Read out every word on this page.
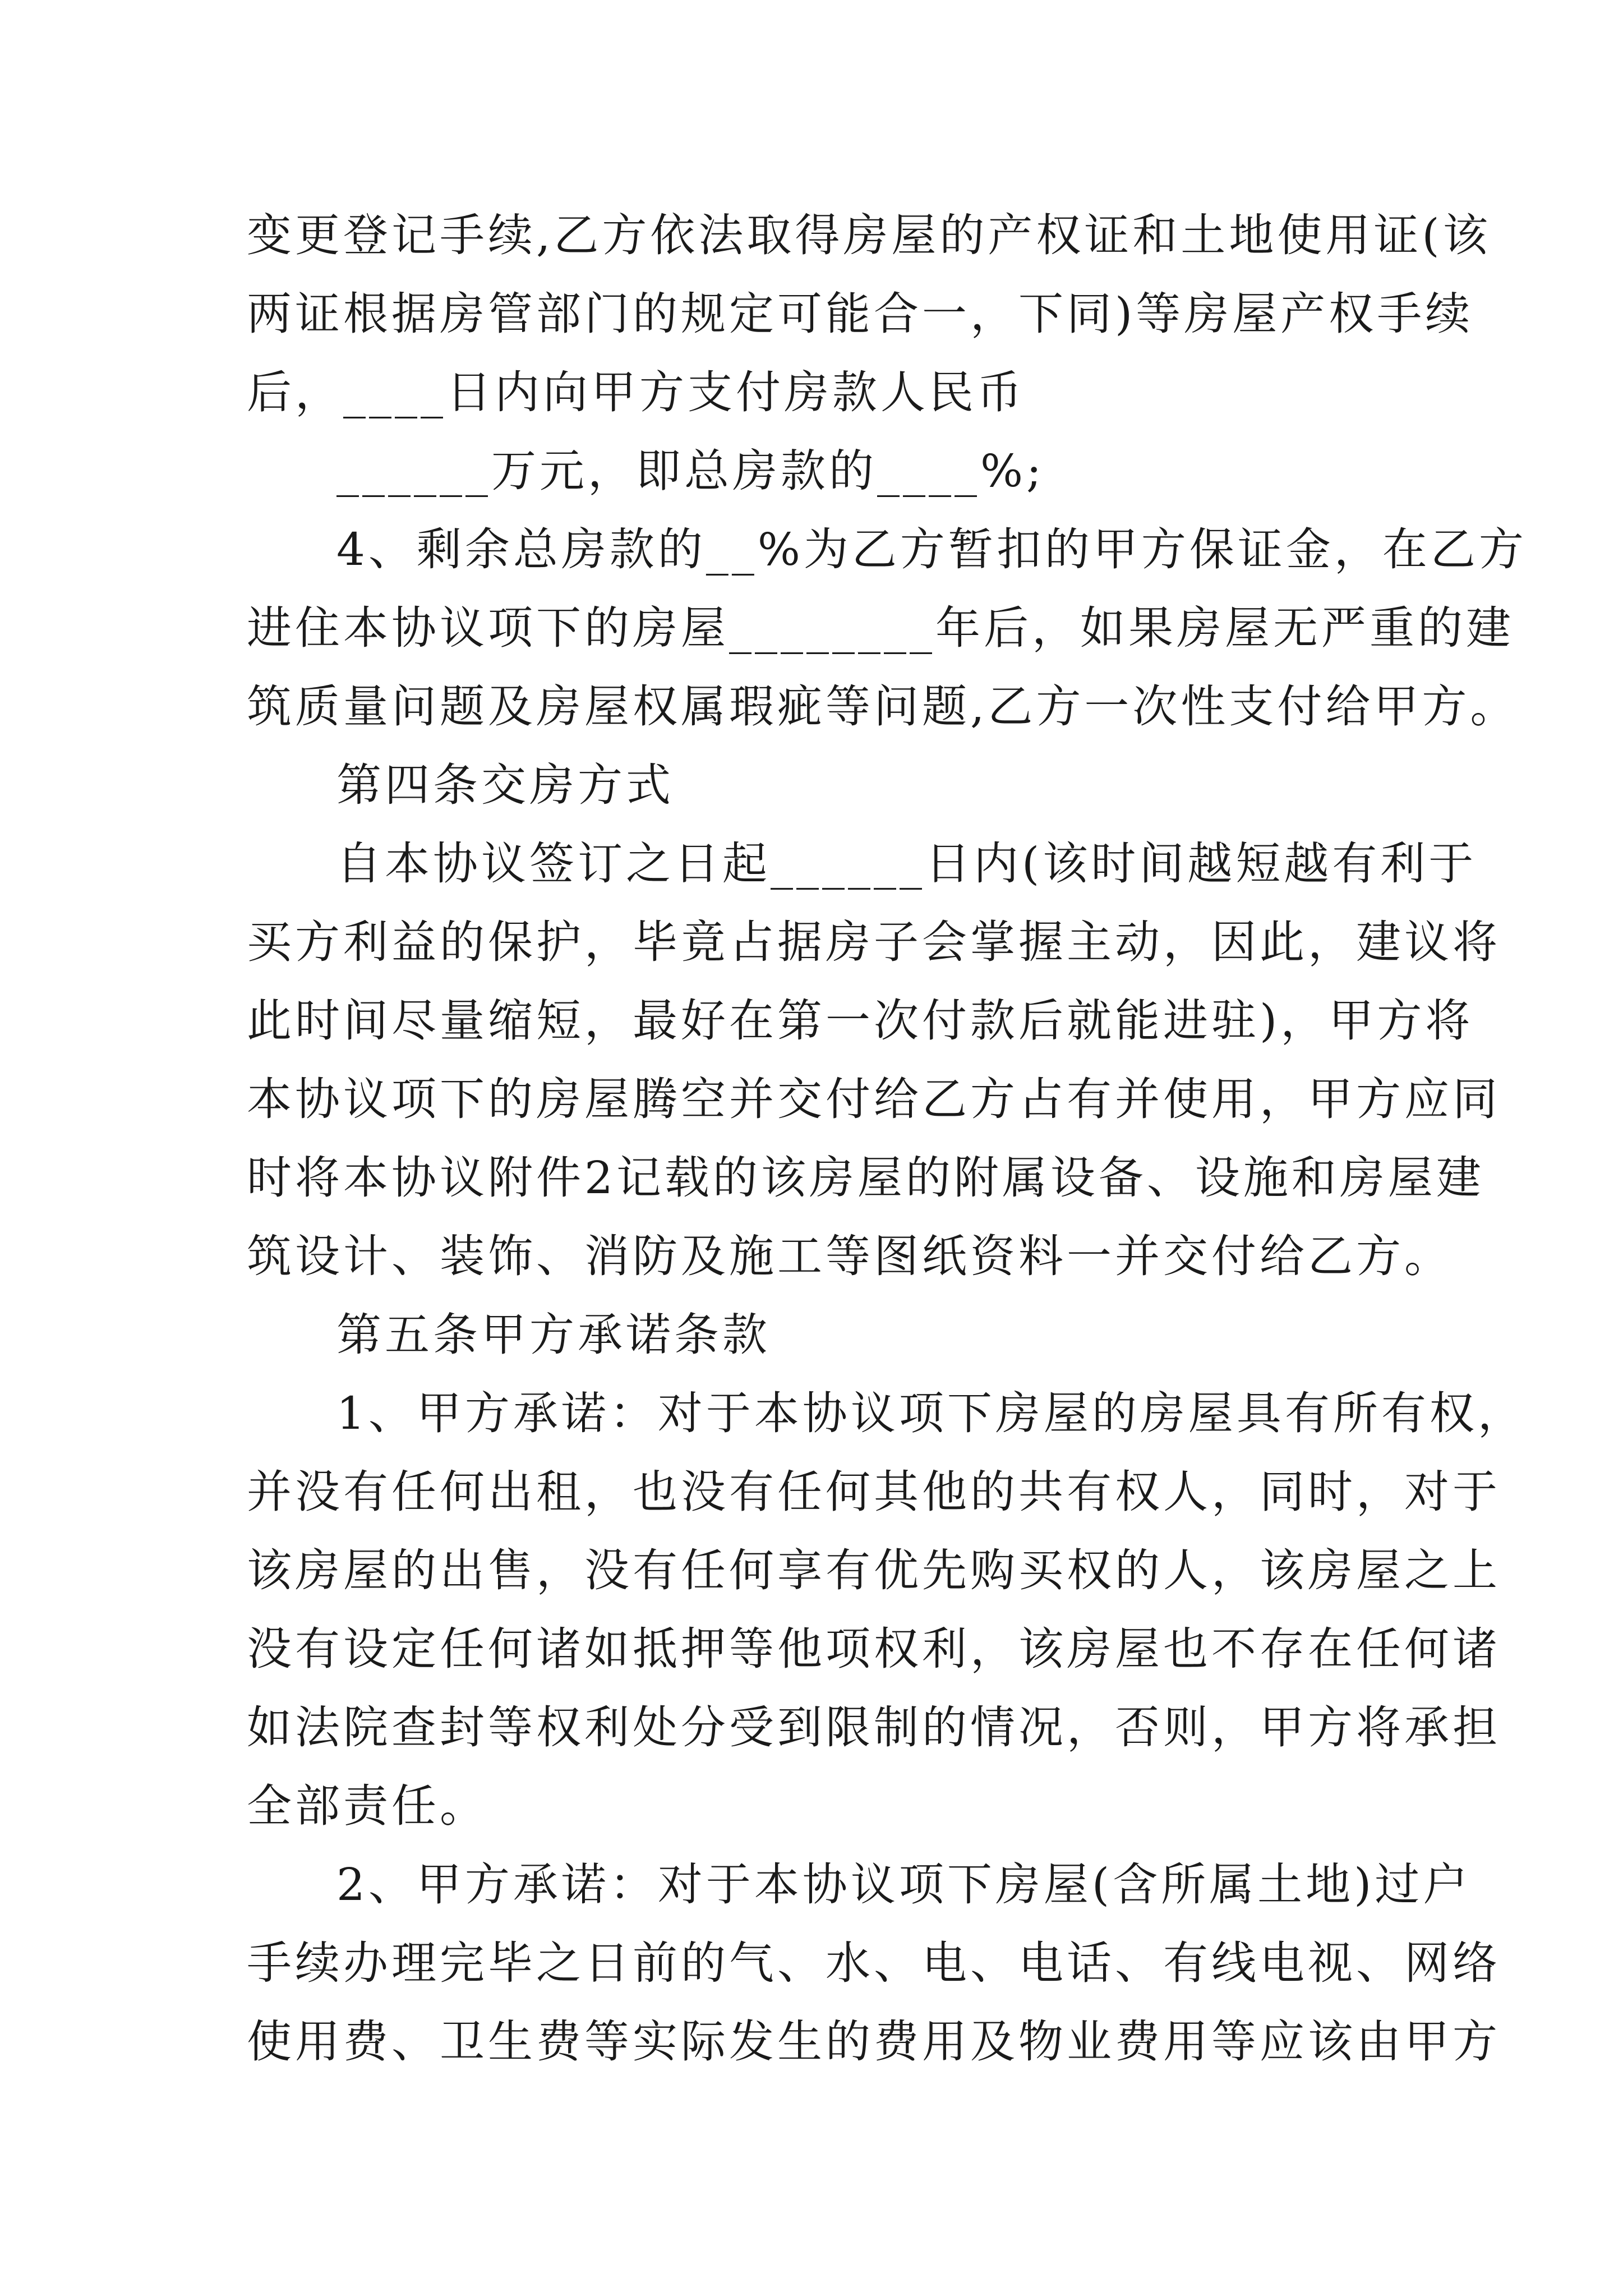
变更登记手续,乙方依法取得房屋的产权证和土地使用证(该
两证根据房管部门的规定可能合一，下同)等房屋产权手续
后，____日内向甲方支付房款人民币
______万元，即总房款的____%;
4、剩余总房款的__%为乙方暂扣的甲方保证金，在乙方
进住本协议项下的房屋________年后，如果房屋无严重的建
筑质量问题及房屋权属瑕疵等问题,乙方一次性支付给甲方。
第四条交房方式
自本协议签订之日起______日内(该时间越短越有利于
买方利益的保护，毕竟占据房子会掌握主动，因此，建议将
此时间尽量缩短，最好在第一次付款后就能进驻)，甲方将
本协议项下的房屋腾空并交付给乙方占有并使用，甲方应同
时将本协议附件2记载的该房屋的附属设备、设施和房屋建
筑设计、装饰、消防及施工等图纸资料一并交付给乙方。
第五条甲方承诺条款
1、甲方承诺：对于本协议项下房屋的房屋具有所有权，
并没有任何出租，也没有任何其他的共有权人，同时，对于
该房屋的出售，没有任何享有优先购买权的人，该房屋之上
没有设定任何诸如抵押等他项权利，该房屋也不存在任何诸
如法院查封等权利处分受到限制的情况，否则，甲方将承担
全部责任。
2、甲方承诺：对于本协议项下房屋(含所属土地)过户
手续办理完毕之日前的气、水、电、电话、有线电视、网络
使用费、卫生费等实际发生的费用及物业费用等应该由甲方
